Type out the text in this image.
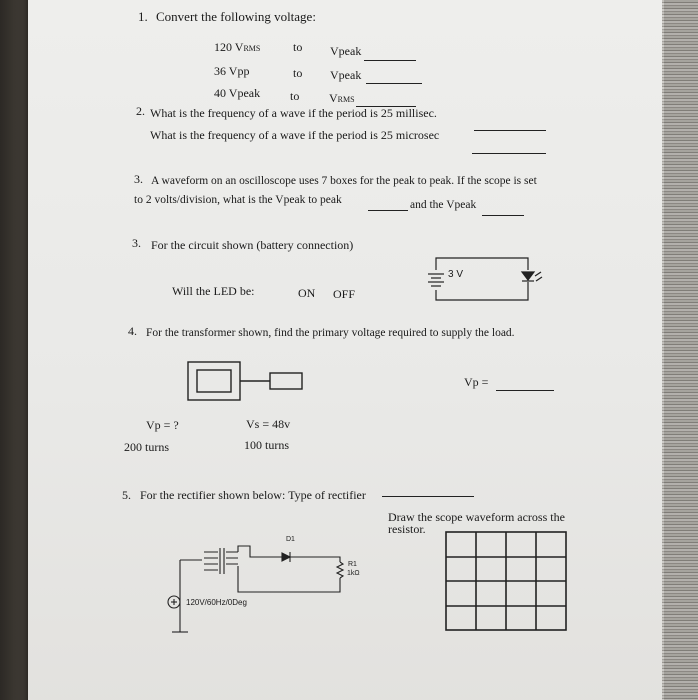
1. Convert the following voltage:
120 VRMS	to Vpeak
36 Vpp	to Vpeak
40 Vpeak to VRMS
2. What is the frequency of a wave if the period is 25 millisec.
What is the frequency of a wave if the period is 25 microsec
3. A waveform on an oscilloscope uses 7 boxes for the peak to peak. If the scope is set
to 2 volts/division, what is the Vpeak to peak	and the Vpeak
3. For the circuit shown (battery connection)
Will the LED be:	ON OFF
3 V
4. For the transformer shown, find the primary voltage required to supply the load.
Vp =
Vp = ?	Vs = 48v
200 turns	100 turns
5. For the rectifier shown below: Type of rectifier
Draw the scope waveform across the
resistor.
D1
R1
1kΩ
120V/60Hz/0Deg
